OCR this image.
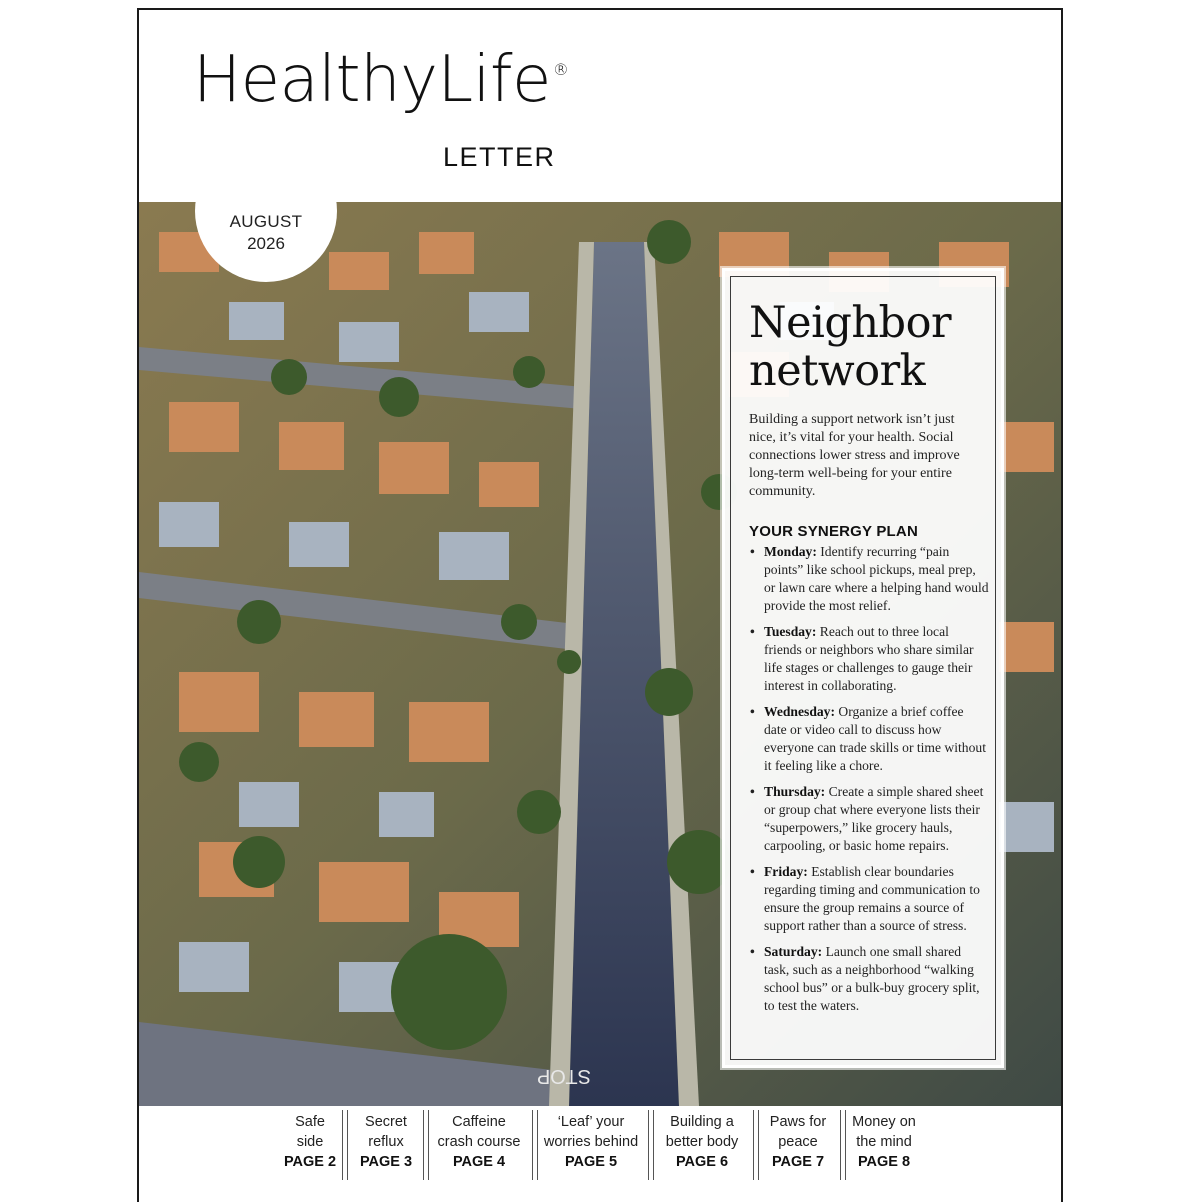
HealthyLife ®
LETTER
AUGUST
2026
STOP
Neighbor
network
Building a support network isn’t just nice, it’s vital for your health. Social connections lower stress and improve long-term well-being for your entire community.
YOUR SYNERGY PLAN
• Monday: Identify recurring “pain points” like school pickups, meal prep, or lawn care where a helping hand would provide the most relief.
• Tuesday: Reach out to three local friends or neighbors who share similar life stages or challenges to gauge their interest in collaborating.
• Wednesday: Organize a brief coffee date or video call to discuss how everyone can trade skills or time without it feeling like a chore.
• Thursday: Create a simple shared sheet or group chat where everyone lists their “superpowers,” like grocery hauls, carpooling, or basic home repairs.
• Friday: Establish clear boundaries regarding timing and communication to ensure the group remains a source of support rather than a source of stress.
• Saturday: Launch one small shared task, such as a neighborhood “walking school bus” or a bulk-buy grocery split, to test the waters.
Safe
side
PAGE 2
Secret
reflux
PAGE 3
Caffeine
crash course
PAGE 4
‘Leaf’ your
worries behind
PAGE 5
Building a
better body
PAGE 6
Paws for
peace
PAGE 7
Money on
the mind
PAGE 8
